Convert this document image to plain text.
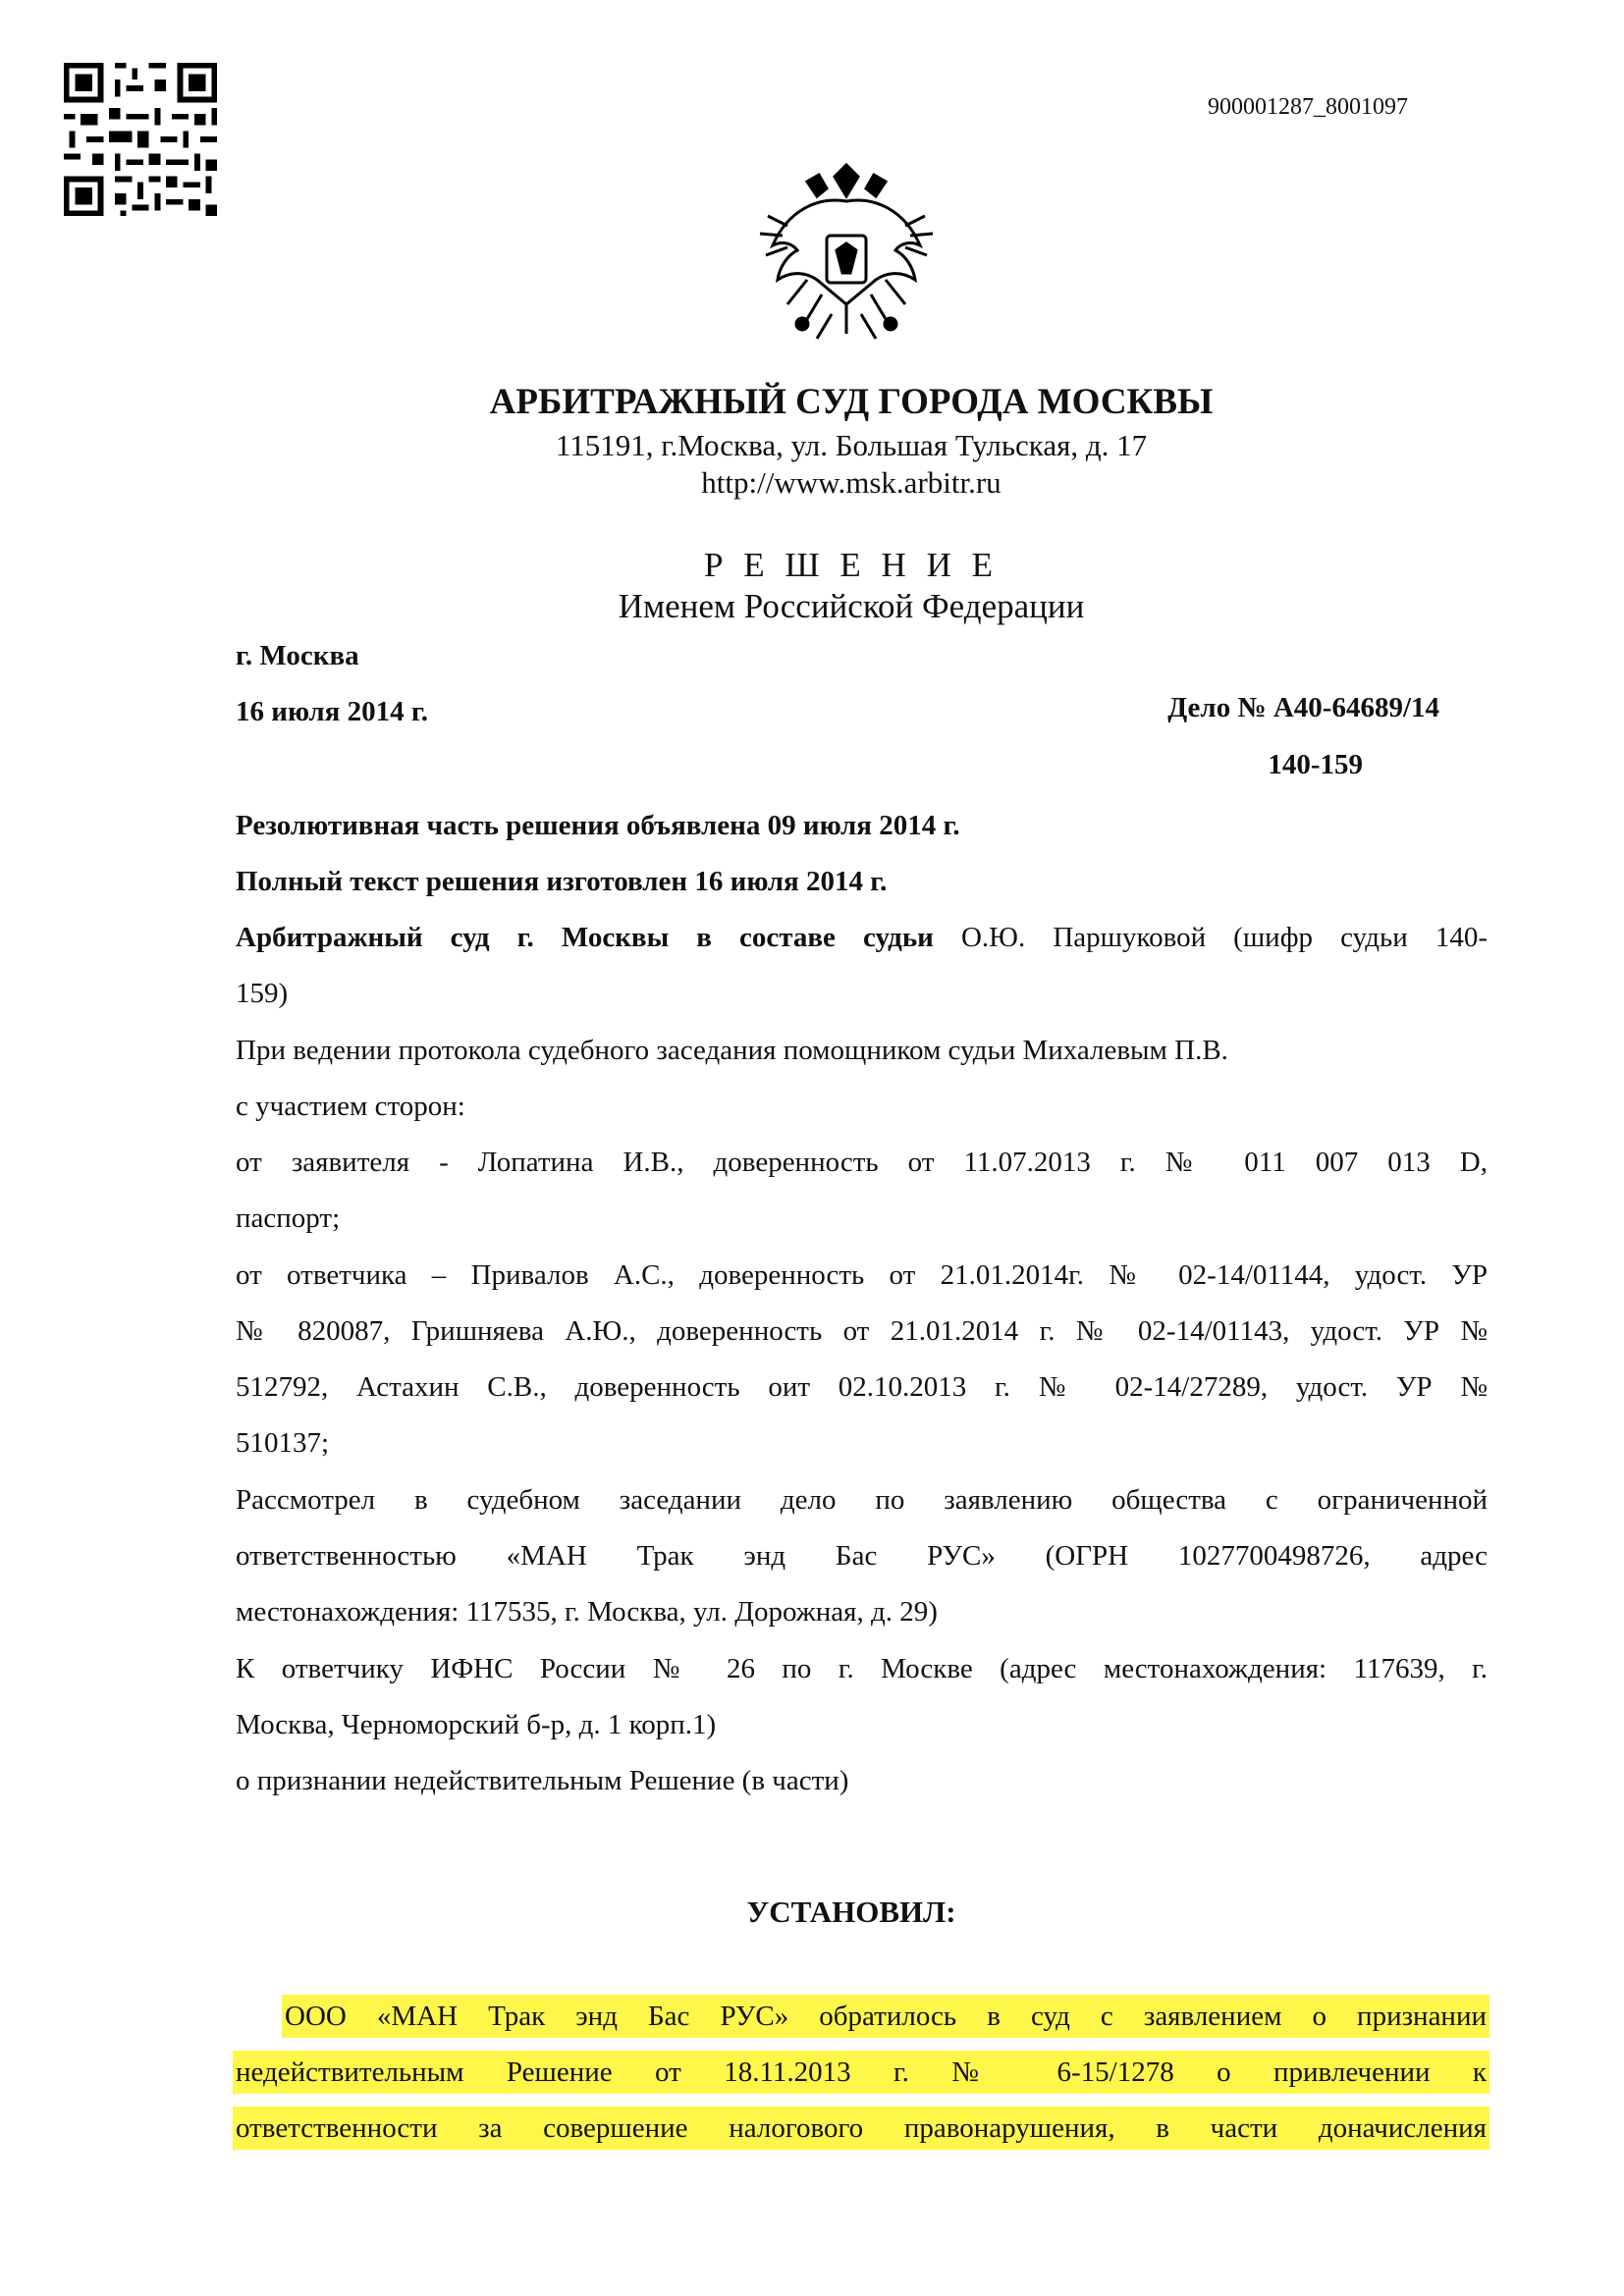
900001287_8001097
АРБИТРАЖНЫЙ СУД ГОРОДА МОСКВЫ
115191, г.Москва, ул. Большая Тульская, д. 17
http://www.msk.arbitr.ru
Р Е Ш Е Н И Е
Именем Российской Федерации
г. Москва
16 июля 2014 г.	Дело № А40-64689/14
140-159
Резолютивная часть решения объявлена 09 июля 2014 г.
Полный текст решения изготовлен 16 июля 2014 г.
Арбитражный суд г. Москвы в составе судьи О.Ю. Паршуковой (шифр судьи 140-
159)
При ведении протокола судебного заседания помощником судьи Михалевым П.В.
с участием сторон:
от заявителя - Лопатина И.В., доверенность от 11.07.2013 г. № 011 007 013 D,
паспорт;
от ответчика – Привалов А.С., доверенность от 21.01.2014г. № 02-14/01144, удост. УР
№ 820087, Гришняева А.Ю., доверенность от 21.01.2014 г. № 02-14/01143, удост. УР №
512792, Астахин С.В., доверенность оит 02.10.2013 г. № 02-14/27289, удост. УР №
510137;
Рассмотрел в судебном заседании дело по заявлению общества с ограниченной
ответственностью «МАН Трак энд Бас РУС» (ОГРН 1027700498726, адрес
местонахождения: 117535, г. Москва, ул. Дорожная, д. 29)
К ответчику ИФНС России № 26 по г. Москве (адрес местонахождения: 117639, г.
Москва, Черноморский б-р, д. 1 корп.1)
о признании недействительным Решение (в части)
УСТАНОВИЛ:
ООО «МАН Трак энд Бас РУС» обратилось в суд с заявлением о признании
недействительным Решение от 18.11.2013 г. № 6-15/1278 о привлечении к
ответственности за совершение налогового правонарушения, в части доначисления
